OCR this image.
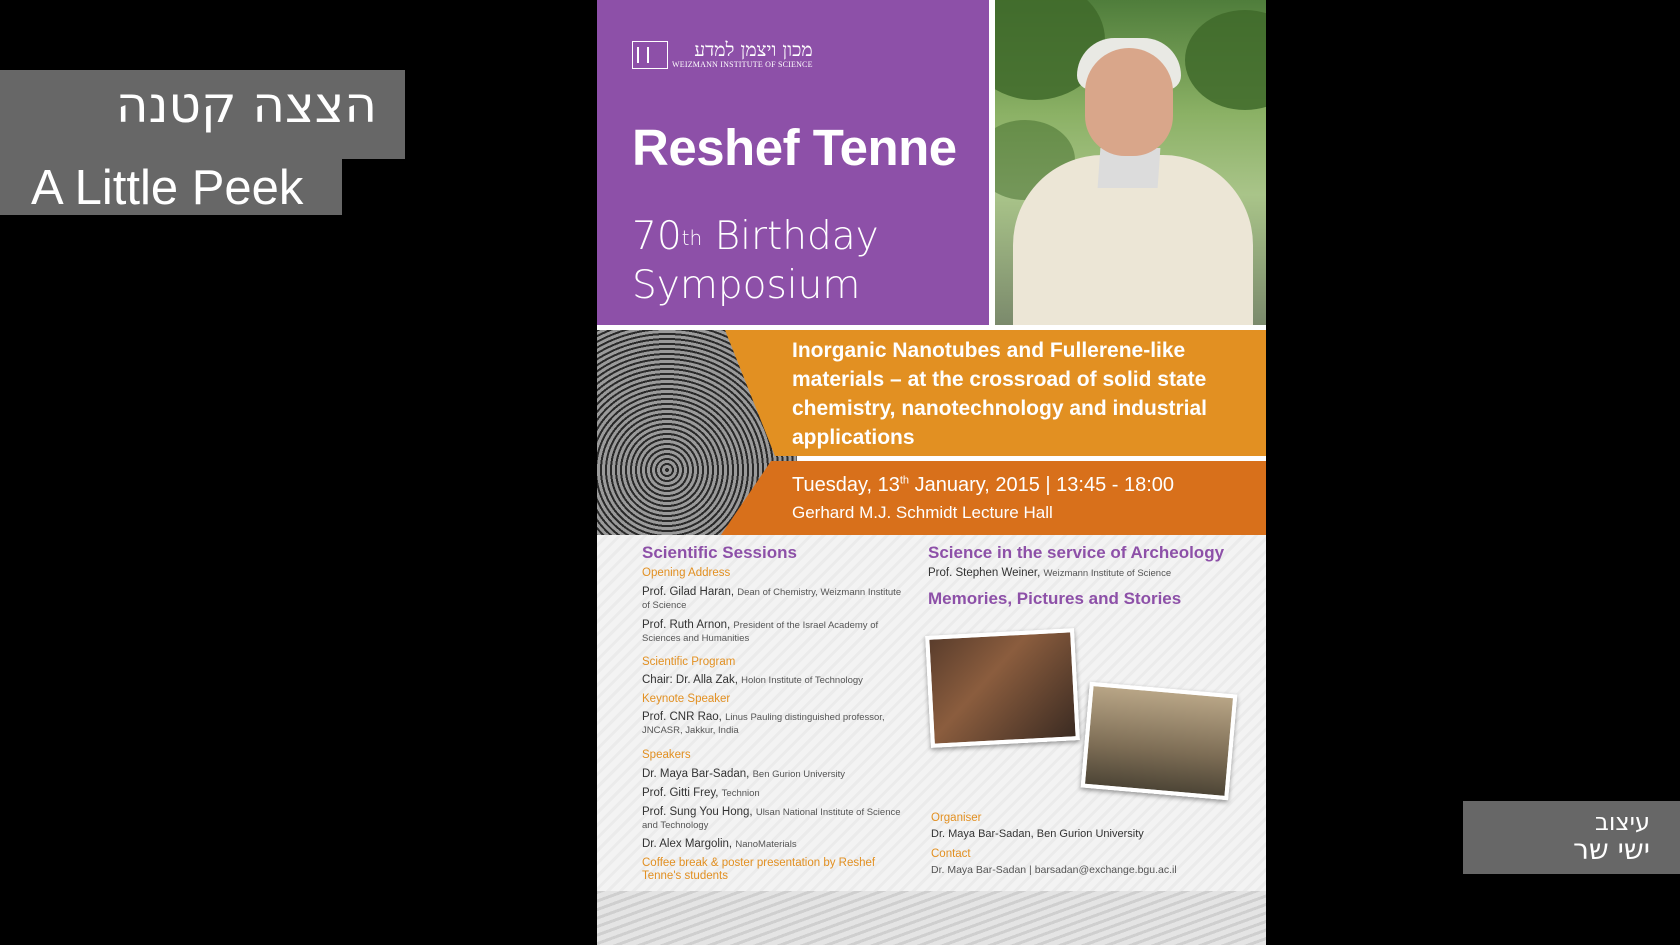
הצצה קטנה
A Little Peek
מכון ויצמן למדע
WEIZMANN INSTITUTE OF SCIENCE
Reshef Tenne
70th Birthday
Symposium
Inorganic Nanotubes and Fullerene-like materials – at the crossroad of solid state chemistry, nanotechnology and industrial applications
Tuesday, 13th January, 2015 | 13:45 - 18:00
Gerhard M.J. Schmidt Lecture Hall
Scientific Sessions
Opening Address
Prof. Gilad Haran, Dean of Chemistry, Weizmann Institute of Science
Prof. Ruth Arnon, President of the Israel Academy of Sciences and Humanities
Scientific Program
Chair: Dr. Alla Zak, Holon Institute of Technology
Keynote Speaker
Prof. CNR Rao, Linus Pauling distinguished professor, JNCASR, Jakkur, India
Speakers
Dr. Maya Bar-Sadan, Ben Gurion University
Prof. Gitti Frey, Technion
Prof. Sung You Hong, Ulsan National Institute of Science and Technology
Dr. Alex Margolin, NanoMaterials
Coffee break & poster presentation by Reshef Tenne's students
Science in the service of Archeology
Prof. Stephen Weiner, Weizmann Institute of Science
Memories, Pictures and Stories
Organiser
Dr. Maya Bar-Sadan, Ben Gurion University
Contact
Dr. Maya Bar-Sadan | barsadan@exchange.bgu.ac.il
עיצוב
ישי שר
